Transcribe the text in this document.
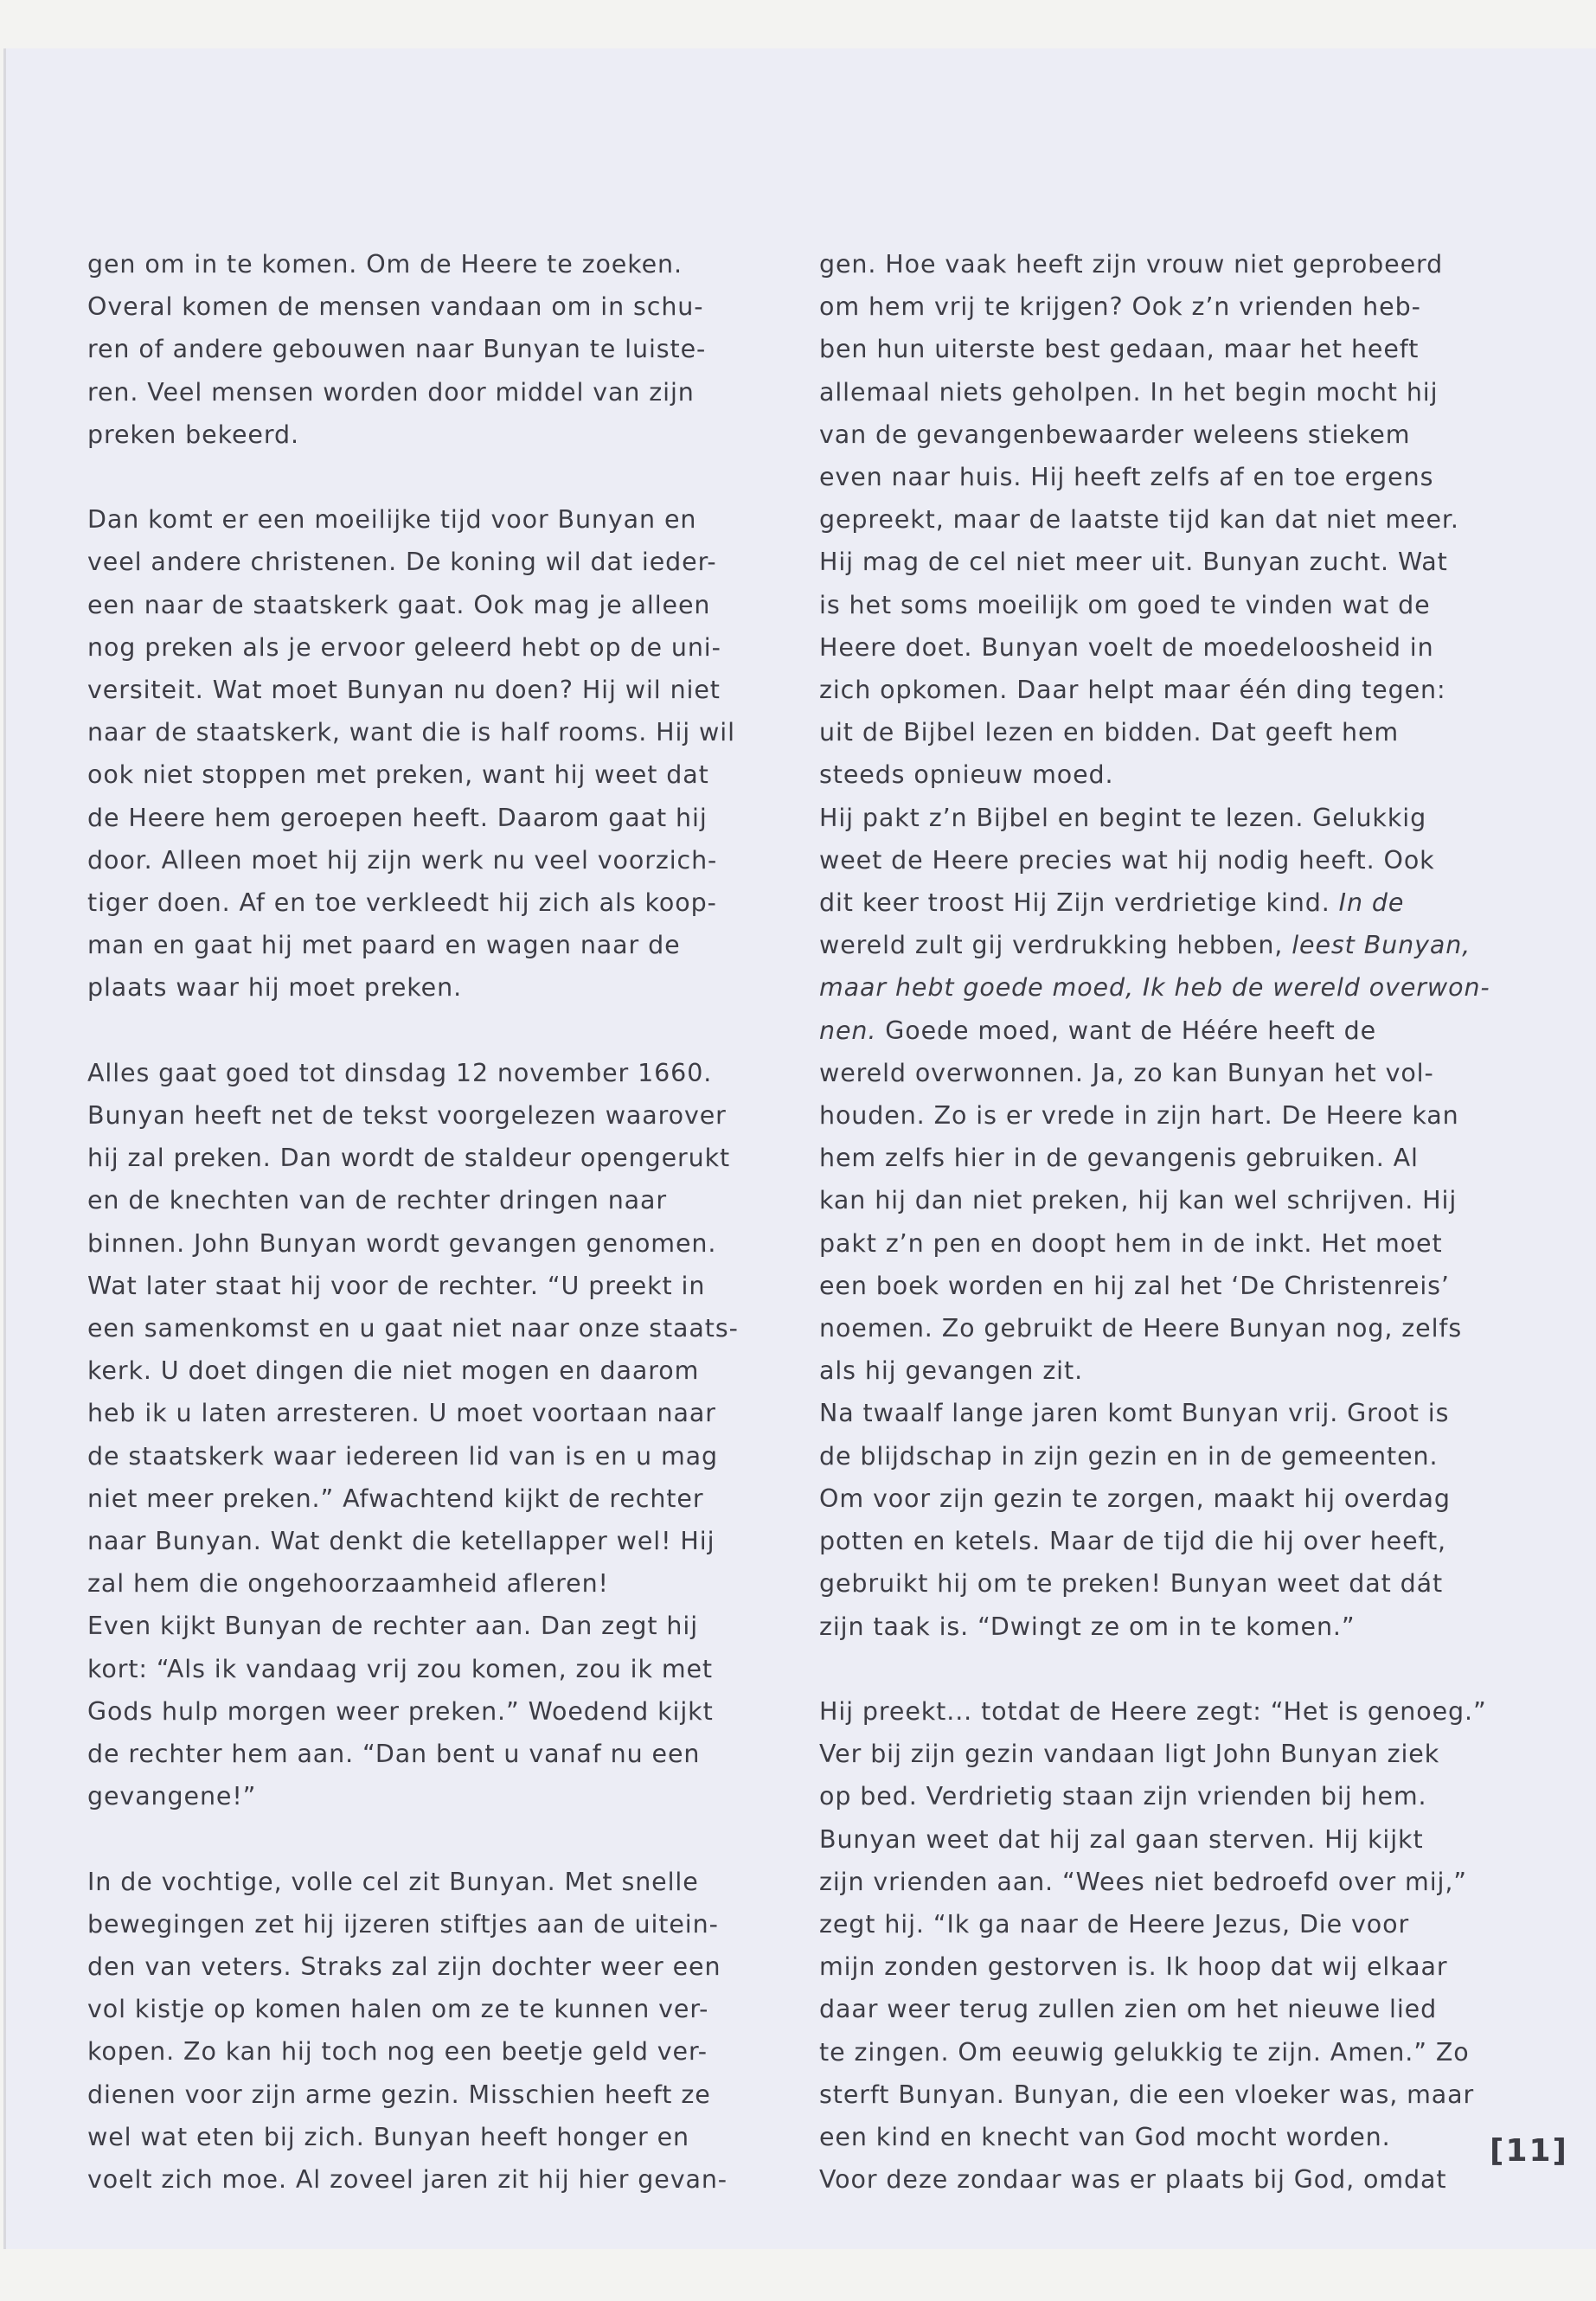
gen om in te komen. Om de Heere te zoeken.
Overal komen de mensen vandaan om in schu-
ren of andere gebouwen naar Bunyan te luiste-
ren. Veel mensen worden door middel van zijn
preken bekeerd.
Dan komt er een moeilijke tijd voor Bunyan en
veel andere christenen. De koning wil dat ieder-
een naar de staatskerk gaat. Ook mag je alleen
nog preken als je ervoor geleerd hebt op de uni-
versiteit. Wat moet Bunyan nu doen? Hij wil niet
naar de staatskerk, want die is half rooms. Hij wil
ook niet stoppen met preken, want hij weet dat
de Heere hem geroepen heeft. Daarom gaat hij
door. Alleen moet hij zijn werk nu veel voorzich-
tiger doen. Af en toe verkleedt hij zich als koop-
man en gaat hij met paard en wagen naar de
plaats waar hij moet preken.
Alles gaat goed tot dinsdag 12 november 1660.
Bunyan heeft net de tekst voorgelezen waarover
hij zal preken. Dan wordt de staldeur opengerukt
en de knechten van de rechter dringen naar
binnen. John Bunyan wordt gevangen genomen.
Wat later staat hij voor de rechter. “U preekt in
een samenkomst en u gaat niet naar onze staats-
kerk. U doet dingen die niet mogen en daarom
heb ik u laten arresteren. U moet voortaan naar
de staatskerk waar iedereen lid van is en u mag
niet meer preken.” Afwachtend kijkt de rechter
naar Bunyan. Wat denkt die ketellapper wel! Hij
zal hem die ongehoorzaamheid afleren!
Even kijkt Bunyan de rechter aan. Dan zegt hij
kort: “Als ik vandaag vrij zou komen, zou ik met
Gods hulp morgen weer preken.” Woedend kijkt
de rechter hem aan. “Dan bent u vanaf nu een
gevangene!”
In de vochtige, volle cel zit Bunyan. Met snelle
bewegingen zet hij ijzeren stiftjes aan de uitein-
den van veters. Straks zal zijn dochter weer een
vol kistje op komen halen om ze te kunnen ver-
kopen. Zo kan hij toch nog een beetje geld ver-
dienen voor zijn arme gezin. Misschien heeft ze
wel wat eten bij zich. Bunyan heeft honger en
voelt zich moe. Al zoveel jaren zit hij hier gevan-
gen. Hoe vaak heeft zijn vrouw niet geprobeerd
om hem vrij te krijgen? Ook z’n vrienden heb-
ben hun uiterste best gedaan, maar het heeft
allemaal niets geholpen. In het begin mocht hij
van de gevangenbewaarder weleens stiekem
even naar huis. Hij heeft zelfs af en toe ergens
gepreekt, maar de laatste tijd kan dat niet meer.
Hij mag de cel niet meer uit. Bunyan zucht. Wat
is het soms moeilijk om goed te vinden wat de
Heere doet. Bunyan voelt de moedeloosheid in
zich opkomen. Daar helpt maar één ding tegen:
uit de Bijbel lezen en bidden. Dat geeft hem
steeds opnieuw moed.
Hij pakt z’n Bijbel en begint te lezen. Gelukkig
weet de Heere precies wat hij nodig heeft. Ook
dit keer troost Hij Zijn verdrietige kind. In de
wereld zult gij verdrukking hebben, leest Bunyan,
maar hebt goede moed, Ik heb de wereld overwon-
nen. Goede moed, want de Héére heeft de
wereld overwonnen. Ja, zo kan Bunyan het vol-
houden. Zo is er vrede in zijn hart. De Heere kan
hem zelfs hier in de gevangenis gebruiken. Al
kan hij dan niet preken, hij kan wel schrijven. Hij
pakt z’n pen en doopt hem in de inkt. Het moet
een boek worden en hij zal het ‘De Christenreis’
noemen. Zo gebruikt de Heere Bunyan nog, zelfs
als hij gevangen zit.
Na twaalf lange jaren komt Bunyan vrij. Groot is
de blijdschap in zijn gezin en in de gemeenten.
Om voor zijn gezin te zorgen, maakt hij overdag
potten en ketels. Maar de tijd die hij over heeft,
gebruikt hij om te preken! Bunyan weet dat dát
zijn taak is. “Dwingt ze om in te komen.”
Hij preekt... totdat de Heere zegt: “Het is genoeg.”
Ver bij zijn gezin vandaan ligt John Bunyan ziek
op bed. Verdrietig staan zijn vrienden bij hem.
Bunyan weet dat hij zal gaan sterven. Hij kijkt
zijn vrienden aan. “Wees niet bedroefd over mij,”
zegt hij. “Ik ga naar de Heere Jezus, Die voor
mijn zonden gestorven is. Ik hoop dat wij elkaar
daar weer terug zullen zien om het nieuwe lied
te zingen. Om eeuwig gelukkig te zijn. Amen.” Zo
sterft Bunyan. Bunyan, die een vloeker was, maar
een kind en knecht van God mocht worden.
Voor deze zondaar was er plaats bij God, omdat
[11]
